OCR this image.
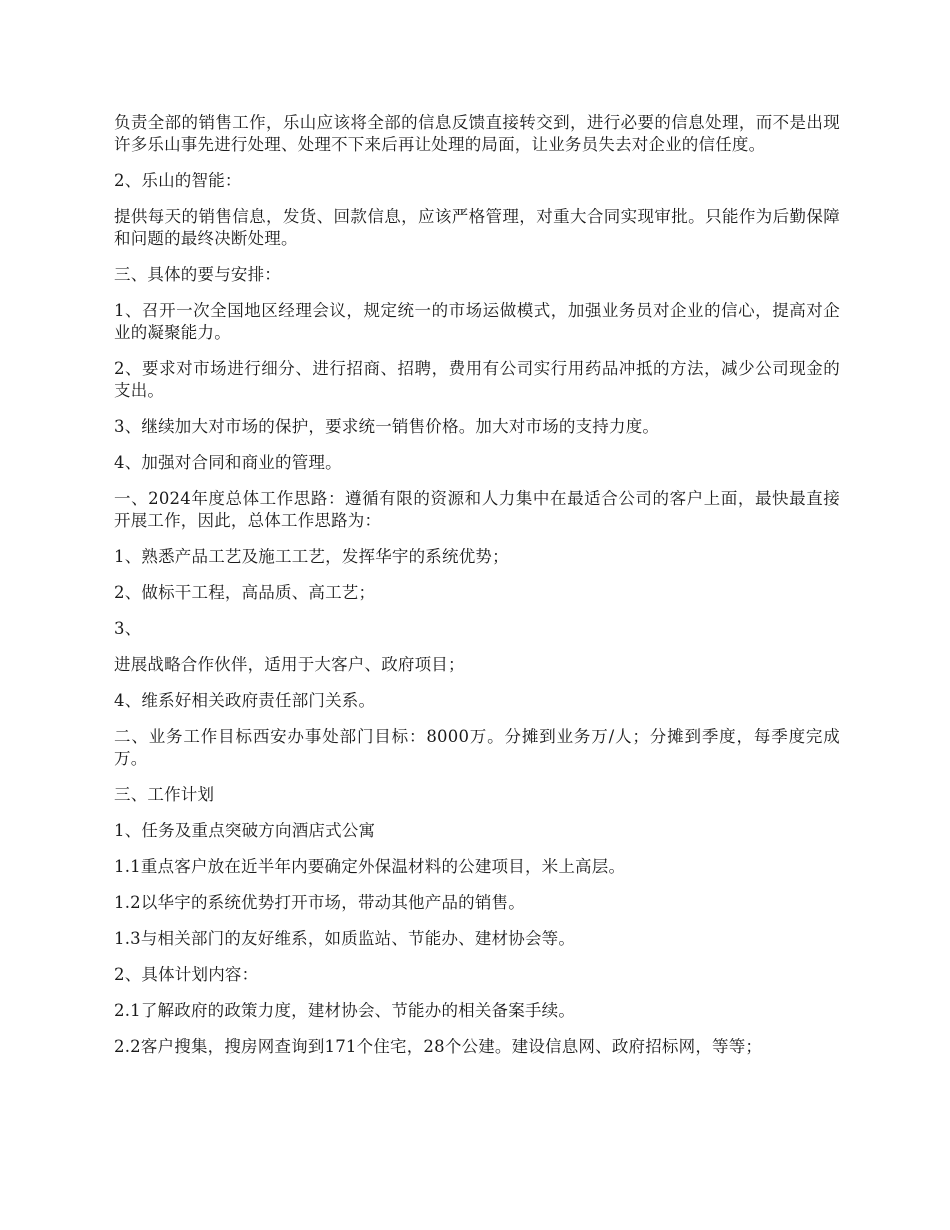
负责全部的销售工作，乐山应该将全部的信息反馈直接转交到，进行必要的信息处理，而不是出现许多乐山事先进行处理、处理不下来后再让处理的局面，让业务员失去对企业的信任度。

2、乐山的智能：

提供每天的销售信息，发货、回款信息，应该严格管理，对重大合同实现审批。只能作为后勤保障和问题的最终决断处理。

三、具体的要与安排：

1、召开一次全国地区经理会议，规定统一的市场运做模式，加强业务员对企业的信心，提高对企业的凝聚能力。

2、要求对市场进行细分、进行招商、招聘，费用有公司实行用药品冲抵的方法，减少公司现金的支出。

3、继续加大对市场的保护，要求统一销售价格。加大对市场的支持力度。

4、加强对合同和商业的管理。

一、2024年度总体工作思路：遵循有限的资源和人力集中在最适合公司的客户上面，最快最直接开展工作，因此，总体工作思路为：

1、熟悉产品工艺及施工工艺，发挥华宇的系统优势；

2、做标干工程，高品质、高工艺；

3、

进展战略合作伙伴，适用于大客户、政府项目；

4、维系好相关政府责任部门关系。

二、业务工作目标西安办事处部门目标：8000万。分摊到业务万/人；分摊到季度，每季度完成万。

三、工作计划

1、任务及重点突破方向酒店式公寓

1.1重点客户放在近半年内要确定外保温材料的公建项目，米上高层。

1.2以华宇的系统优势打开市场，带动其他产品的销售。

1.3与相关部门的友好维系，如质监站、节能办、建材协会等。

2、具体计划内容：

2.1了解政府的政策力度，建材协会、节能办的相关备案手续。

2.2客户搜集，搜房网查询到171个住宅，28个公建。建设信息网、政府招标网，等等；
